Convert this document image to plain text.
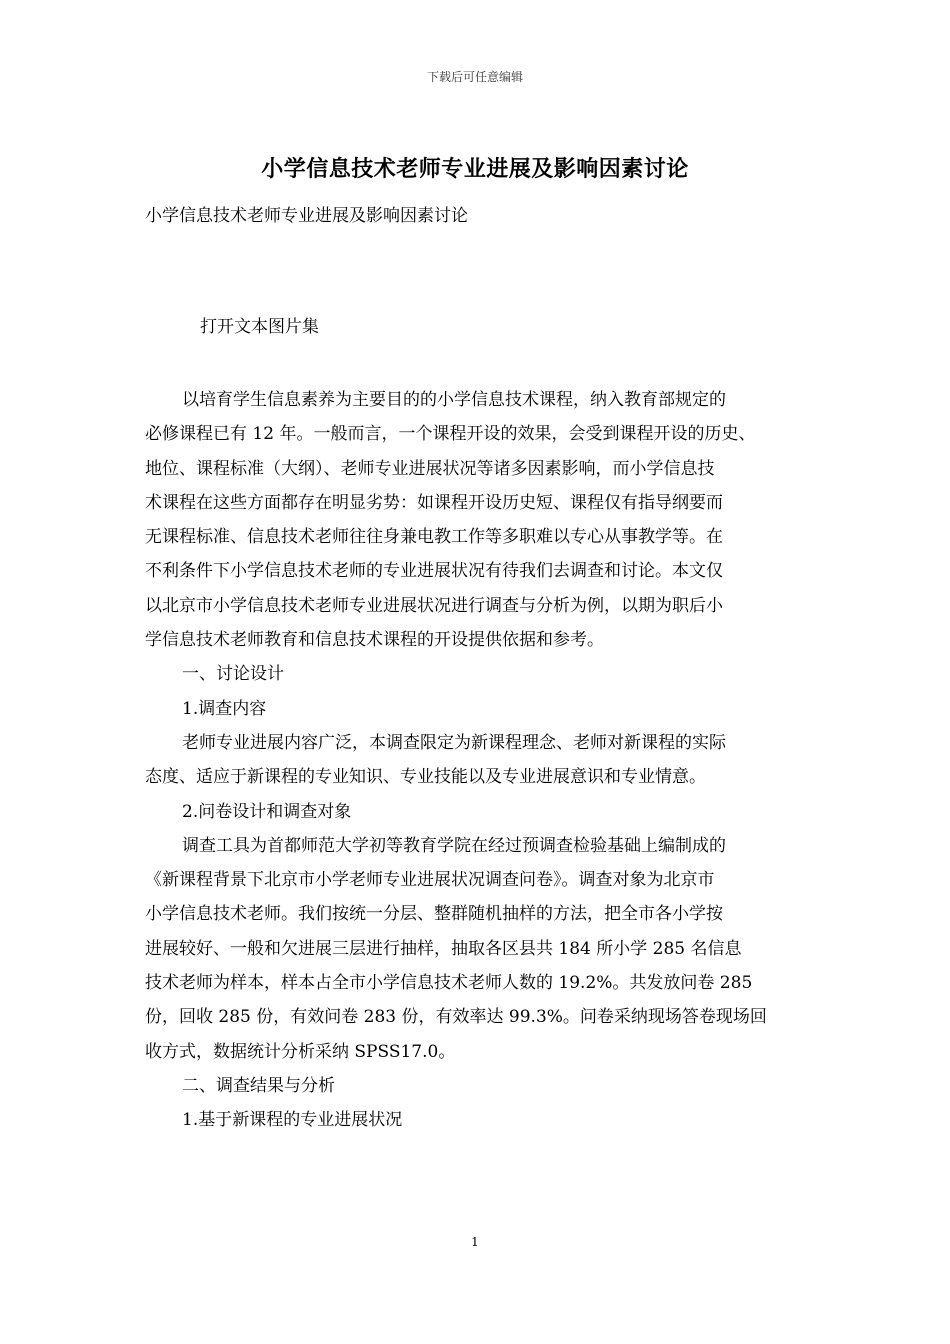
下载后可任意编辑
小学信息技术老师专业进展及影响因素讨论
小学信息技术老师专业进展及影响因素讨论
打开文本图片集

以培育学生信息素养为主要目的的小学信息技术课程，纳入教育部规定的
必修课程已有 12 年。一般而言，一个课程开设的效果，会受到课程开设的历史、
地位、课程标准（大纲）、老师专业进展状况等诸多因素影响，而小学信息技
术课程在这些方面都存在明显劣势：如课程开设历史短、课程仅有指导纲要而
无课程标准、信息技术老师往往身兼电教工作等多职难以专心从事教学等。在
不利条件下小学信息技术老师的专业进展状况有待我们去调查和讨论。本文仅
以北京市小学信息技术老师专业进展状况进行调查与分析为例，以期为职后小
学信息技术老师教育和信息技术课程的开设提供依据和参考。

一、讨论设计

1.调查内容

老师专业进展内容广泛，本调查限定为新课程理念、老师对新课程的实际
态度、适应于新课程的专业知识、专业技能以及专业进展意识和专业情意。

2.问卷设计和调查对象

调查工具为首都师范大学初等教育学院在经过预调查检验基础上编制成的
《新课程背景下北京市小学老师专业进展状况调查问卷》。调查对象为北京市
小学信息技术老师。我们按统一分层、整群随机抽样的方法，把全市各小学按
进展较好、一般和欠进展三层进行抽样，抽取各区县共 184 所小学 285 名信息
技术老师为样本，样本占全市小学信息技术老师人数的 19.2%。共发放问卷 285
份，回收 285 份，有效问卷 283 份，有效率达 99.3%。问卷采纳现场答卷现场回
收方式，数据统计分析采纳 SPSS17.0。

二、调查结果与分析

1.基于新课程的专业进展状况

1
